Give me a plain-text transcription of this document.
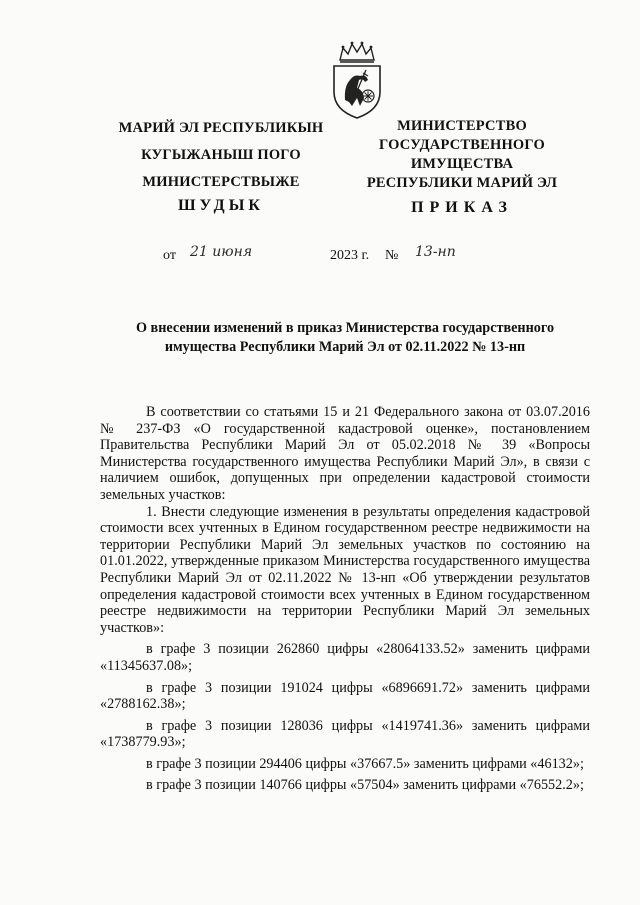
МАРИЙ ЭЛ РЕСПУБЛИКЫН
КУГЫЖАНЫШ ПОГО
МИНИСТЕРСТВЫЖЕ
ШУДЫК
МИНИСТЕРСТВО
ГОСУДАРСТВЕННОГО
ИМУЩЕСТВА
РЕСПУБЛИКИ МАРИЙ ЭЛ
ПРИКАЗ
от 21 июня	2023 г. № 13-нп
О внесении изменений в приказ Министерства государственного
имущества Республики Марий Эл от 02.11.2022 № 13-нп

В соответствии со статьями 15 и 21 Федерального закона от 03.07.2016 № 237-ФЗ «О государственной кадастровой оценке», постановлением Правительства Республики Марий Эл от 05.02.2018 № 39 «Вопросы Министерства государственного имущества Республики Марий Эл», в связи с наличием ошибок, допущенных при определении кадастровой стоимости земельных участков:

1. Внести следующие изменения в результаты определения кадастровой стоимости всех учтенных в Едином государственном реестре недвижимости на территории Республики Марий Эл земельных участков по состоянию на 01.01.2022, утвержденные приказом Министерства государственного имущества Республики Марий Эл от 02.11.2022 № 13-нп «Об утверждении результатов определения кадастровой стоимости всех учтенных в Едином государственном реестре недвижимости на территории Республики Марий Эл земельных участков»:

в графе 3 позиции 262860 цифры «28064133.52» заменить цифрами «11345637.08»;

в графе 3 позиции 191024 цифры «6896691.72» заменить цифрами «2788162.38»;

в графе 3 позиции 128036 цифры «1419741.36» заменить цифрами «1738779.93»;

в графе 3 позиции 294406 цифры «37667.5» заменить цифрами «46132»;

в графе 3 позиции 140766 цифры «57504» заменить цифрами «76552.2»;
